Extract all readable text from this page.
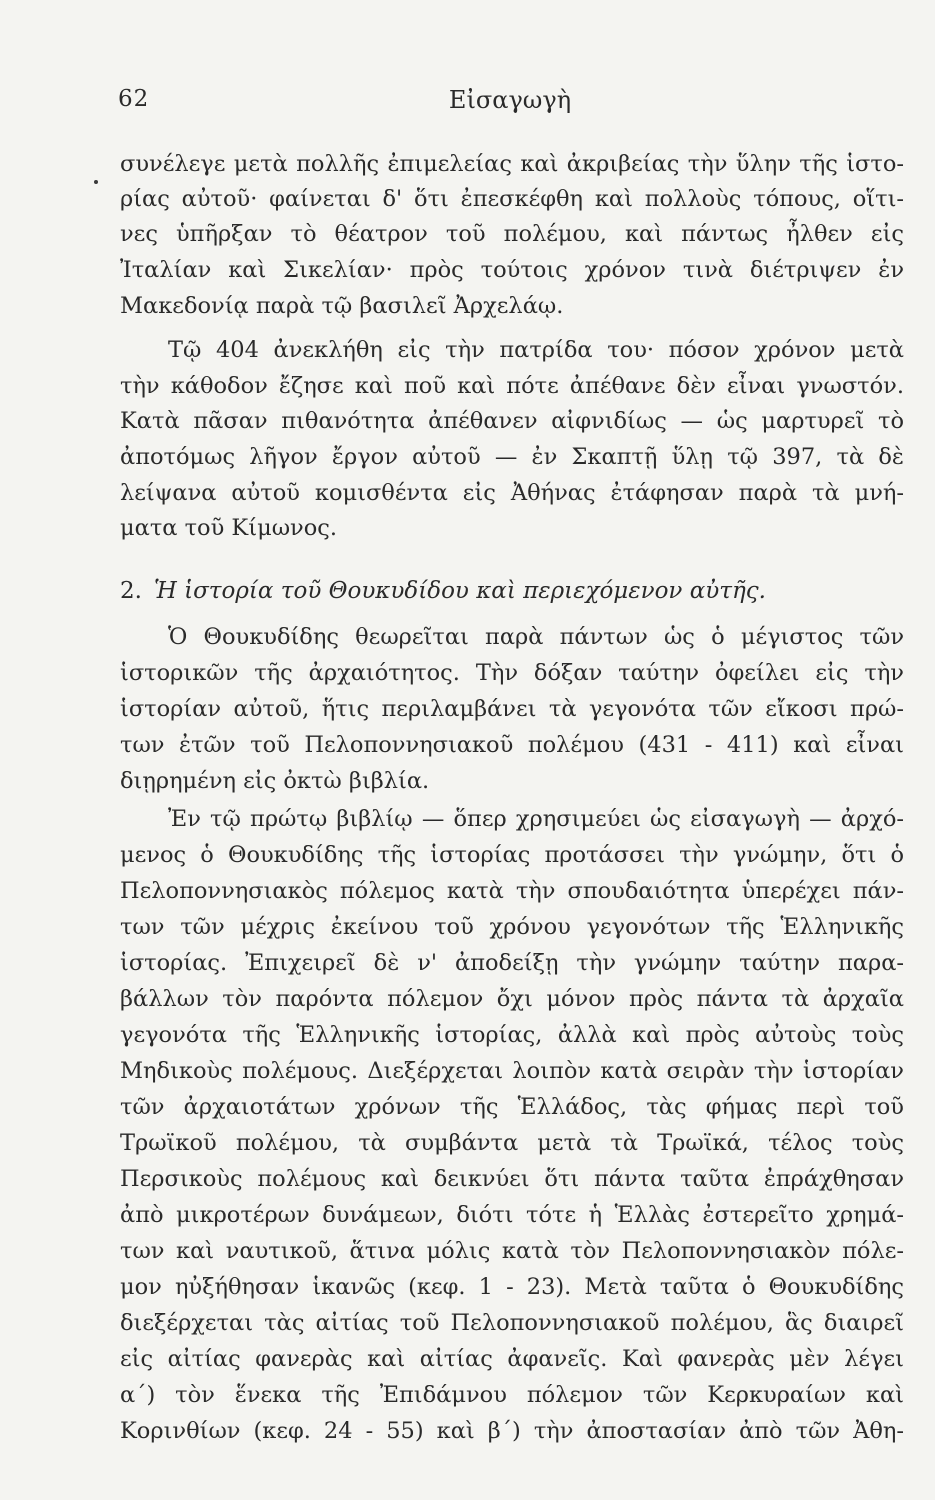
62	Εἰσαγωγὴ
συνέλεγε μετὰ πολλῆς ἐπιμελείας καὶ ἀκριβείας τὴν ὕλην τῆς ἱστο-
ρίας αὐτοῦ· φαίνεται δ' ὅτι ἐπεσκέφθη καὶ πολλοὺς τόπους, οἵτι-
νες ὑπῆρξαν τὸ θέατρον τοῦ πολέμου, καὶ πάντως ἦλθεν εἰς
Ἰταλίαν καὶ Σικελίαν· πρὸς τούτοις χρόνον τινὰ διέτριψεν ἐν
Μακεδονίᾳ παρὰ τῷ βασιλεῖ Ἀρχελάῳ.
Τῷ 404 ἀνεκλήθη εἰς τὴν πατρίδα του· πόσον χρόνον μετὰ
τὴν κάθοδον ἔζησε καὶ ποῦ καὶ πότε ἀπέθανε δὲν εἶναι γνωστόν.
Κατὰ πᾶσαν πιθανότητα ἀπέθανεν αἰφνιδίως — ὡς μαρτυρεῖ τὸ
ἀποτόμως λῆγον ἔργον αὐτοῦ — ἐν Σκαπτῇ ὕλῃ τῷ 397, τὰ δὲ
λείψανα αὐτοῦ κομισθέντα εἰς Ἀθήνας ἐτάφησαν παρὰ τὰ μνή-
ματα τοῦ Κίμωνος.
2. Ἡ ἱστορία τοῦ Θουκυδίδου καὶ περιεχόμενον αὐτῆς.
Ὁ Θουκυδίδης θεωρεῖται παρὰ πάντων ὡς ὁ μέγιστος τῶν
ἱστορικῶν τῆς ἀρχαιότητος. Τὴν δόξαν ταύτην ὀφείλει εἰς τὴν
ἱστορίαν αὐτοῦ, ἥτις περιλαμβάνει τὰ γεγονότα τῶν εἴκοσι πρώ-
των ἐτῶν τοῦ Πελοποννησιακοῦ πολέμου (431 - 411) καὶ εἶναι
διῃρημένη εἰς ὀκτὼ βιβλία.
Ἐν τῷ πρώτῳ βιβλίῳ — ὅπερ χρησιμεύει ὡς εἰσαγωγὴ — ἀρχό-
μενος ὁ Θουκυδίδης τῆς ἱστορίας προτάσσει τὴν γνώμην, ὅτι ὁ
Πελοποννησιακὸς πόλεμος κατὰ τὴν σπουδαιότητα ὑπερέχει πάν-
των τῶν μέχρις ἐκείνου τοῦ χρόνου γεγονότων τῆς Ἑλληνικῆς
ἱστορίας. Ἐπιχειρεῖ δὲ ν' ἀποδείξῃ τὴν γνώμην ταύτην παρα-
βάλλων τὸν παρόντα πόλεμον ὄχι μόνον πρὸς πάντα τὰ ἀρχαῖα
γεγονότα τῆς Ἑλληνικῆς ἱστορίας, ἀλλὰ καὶ πρὸς αὐτοὺς τοὺς
Μηδικοὺς πολέμους. Διεξέρχεται λοιπὸν κατὰ σειρὰν τὴν ἱστορίαν
τῶν ἀρχαιοτάτων χρόνων τῆς Ἑλλάδος, τὰς φήμας περὶ τοῦ
Τρωϊκοῦ πολέμου, τὰ συμβάντα μετὰ τὰ Τρωϊκά, τέλος τοὺς
Περσικοὺς πολέμους καὶ δεικνύει ὅτι πάντα ταῦτα ἐπράχθησαν
ἀπὸ μικροτέρων δυνάμεων, διότι τότε ἡ Ἑλλὰς ἐστερεῖτο χρημά-
των καὶ ναυτικοῦ, ἅτινα μόλις κατὰ τὸν Πελοποννησιακὸν πόλε-
μον ηὐξήθησαν ἱκανῶς (κεφ. 1 - 23). Μετὰ ταῦτα ὁ Θουκυδίδης
διεξέρχεται τὰς αἰτίας τοῦ Πελοποννησιακοῦ πολέμου, ἃς διαιρεῖ
εἰς αἰτίας φανερὰς καὶ αἰτίας ἀφανεῖς. Καὶ φανερὰς μὲν λέγει
α΄) τὸν ἕνεκα τῆς Ἐπιδάμνου πόλεμον τῶν Κερκυραίων καὶ
Κορινθίων (κεφ. 24 - 55) καὶ β΄) τὴν ἀποστασίαν ἀπὸ τῶν Ἀθη-
